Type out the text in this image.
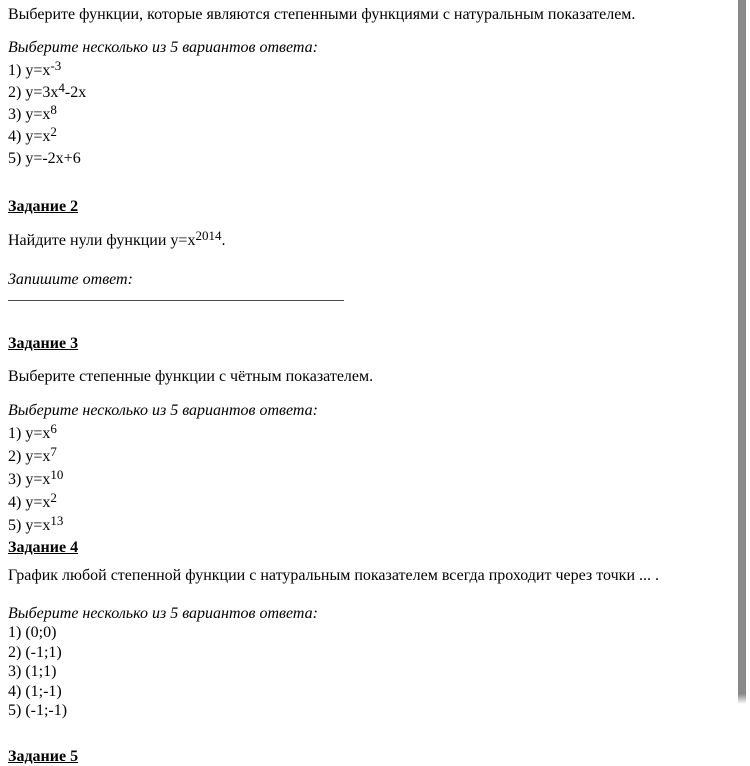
Выберите функции, которые являются степенными функциями с натуральным показателем.

Выберите несколько из 5 вариантов ответа:

1) $y=x^{-3}$
2) $y=3x^4-2x$
3) $y=x^8$
4) $y=x^2$
5) y=-2x+6

Задание 2

Найдите нули функции $y=x^{2014}$.

Запишите ответ:

Задание 3

Выберите степенные функции с чётным показателем.

Выберите несколько из 5 вариантов ответа:

1) $y=x^6$
2) $y=x^7$
3) $y=x^{10}$
4) $y=x^2$
5) $y=x^{13}$

Задание 4

График любой степенной функции с натуральным показателем всегда проходит через точки ... .

Выберите несколько из 5 вариантов ответа:

1) (0;0)
2) (-1;1)
3) (1;1)
4) (1;-1)
5) (-1;-1)

Задание 5
